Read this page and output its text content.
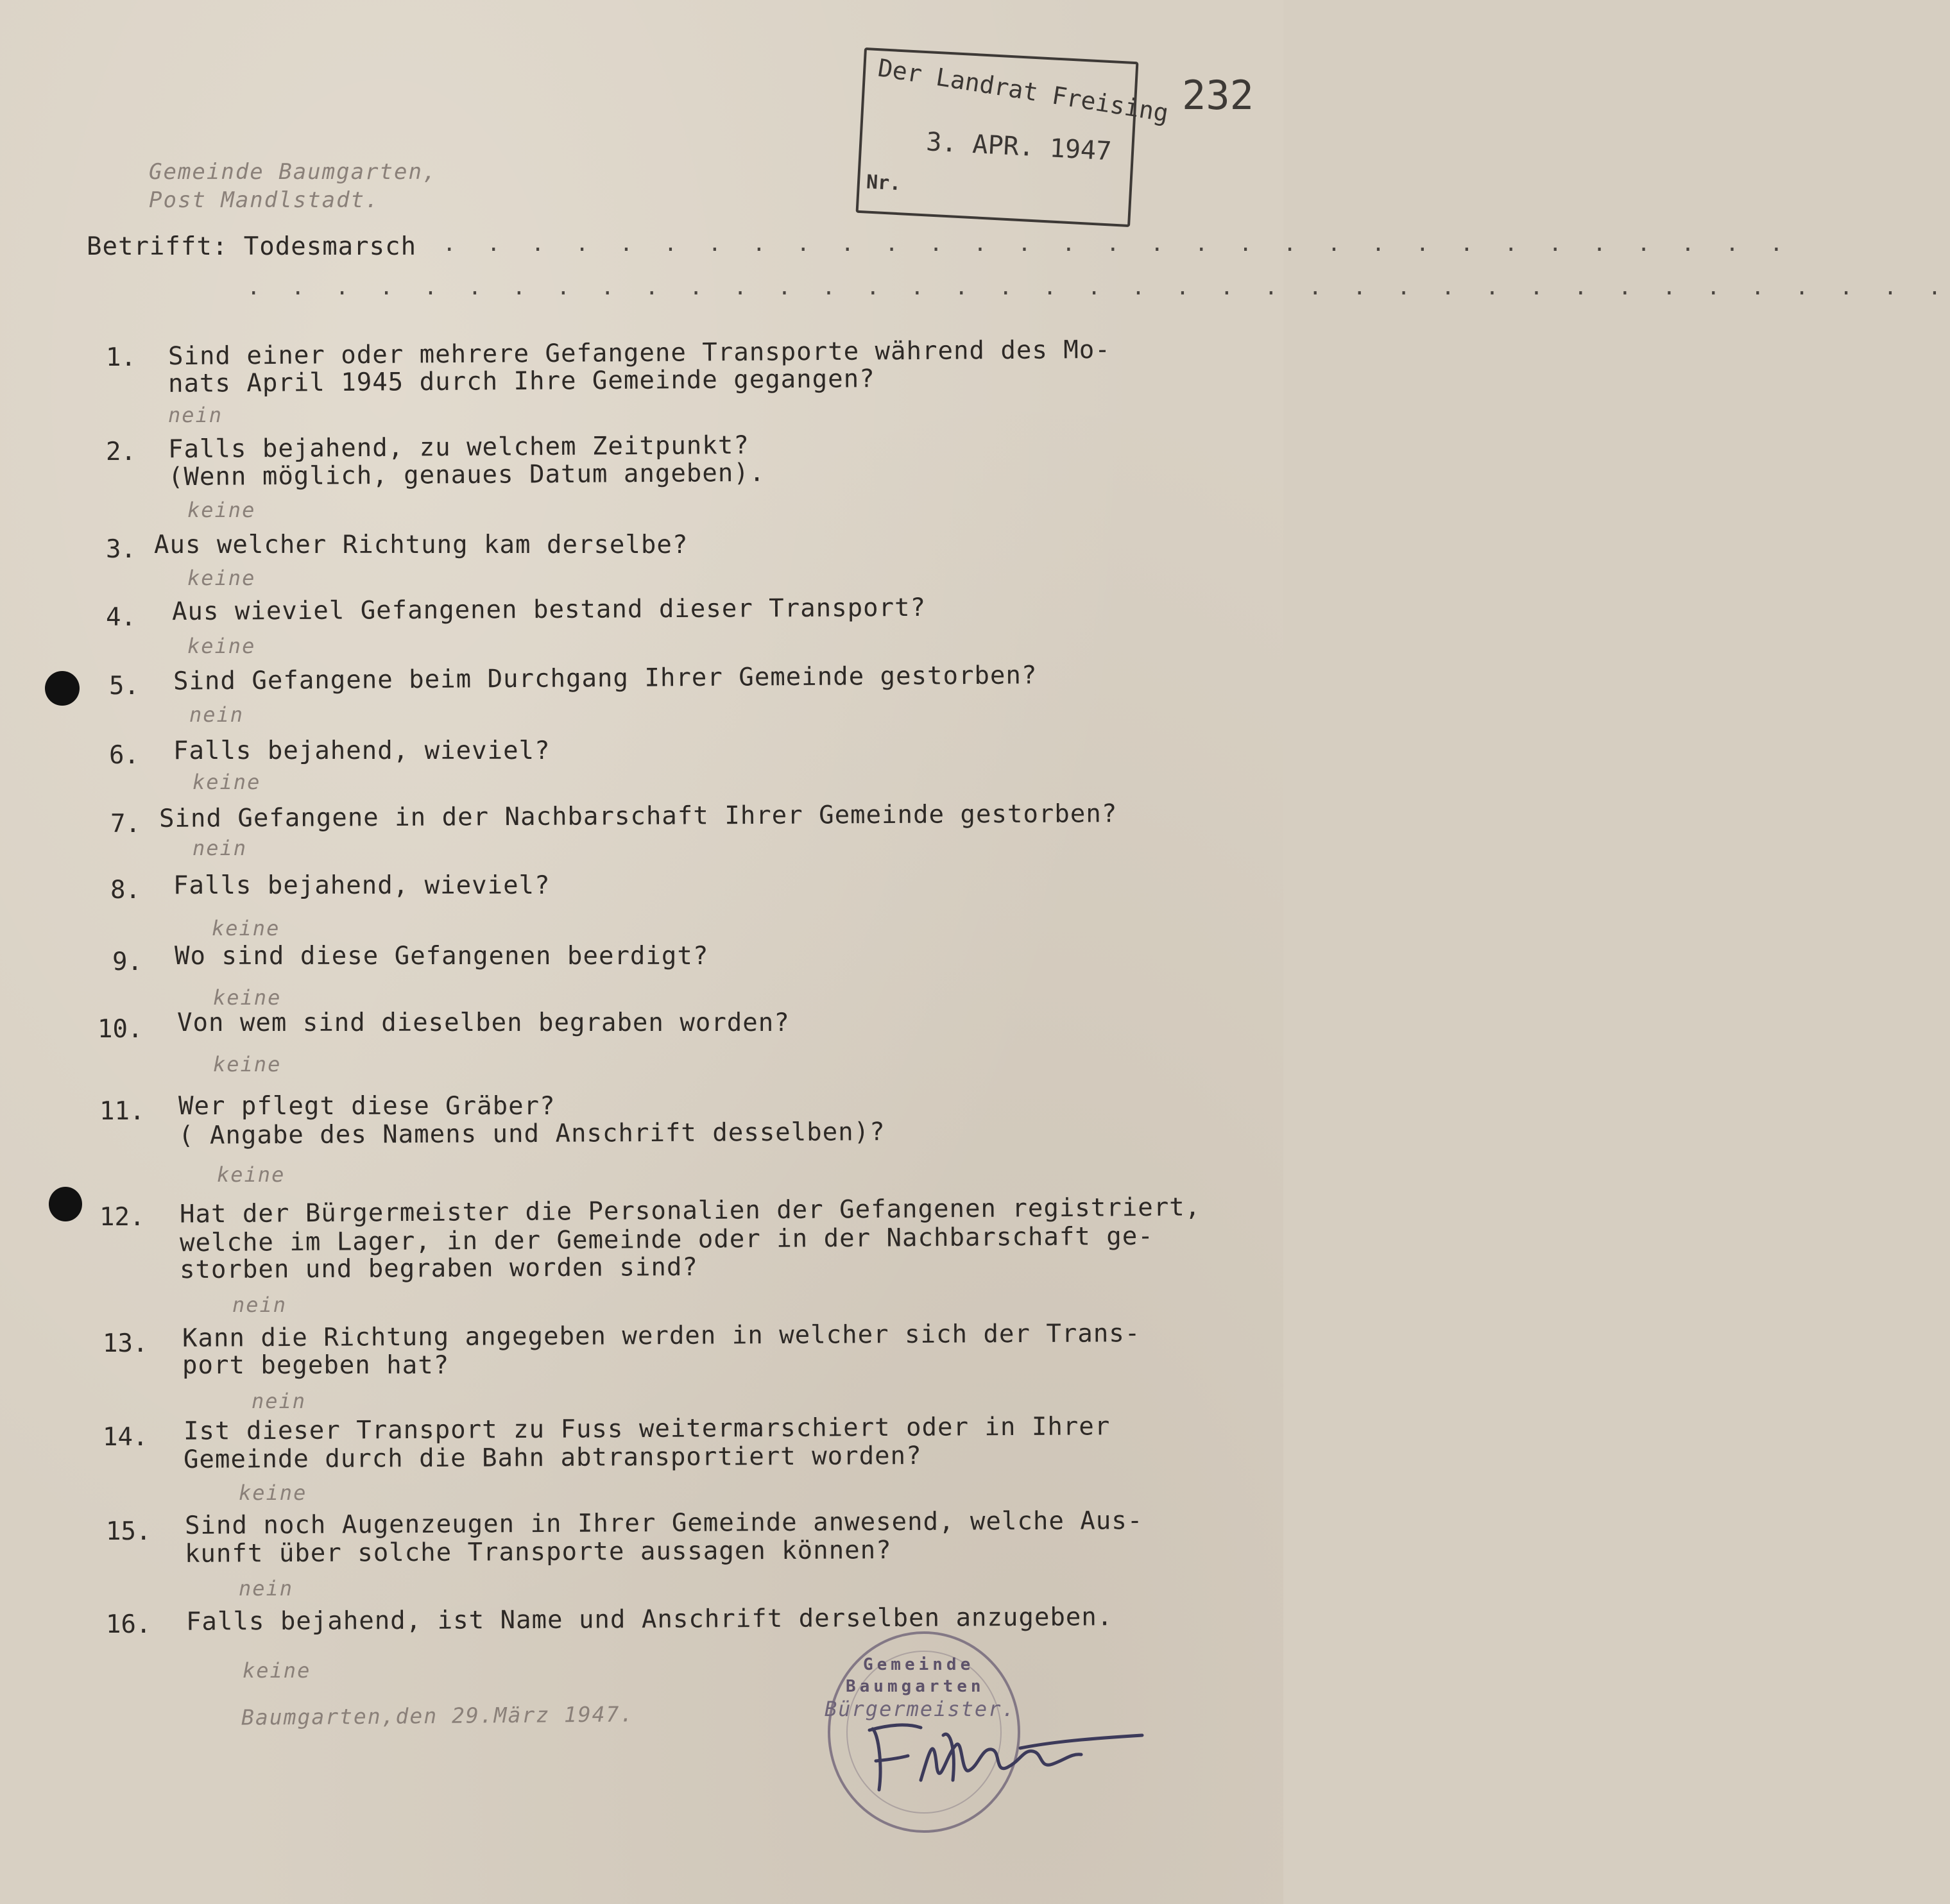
232
Der Landrat Freising
3. APR. 1947
Nr.
Gemeinde Baumgarten,
Post Mandlstadt.
Betrifft: Todesmarsch . . . . . . . . . . . . . . . . . . . . . . . . . . . . . . .
. . . . . . . . . . . . . . . . . . . . . . . . . . . . . . . . . . . . . . .
1. Sind einer oder mehrere Gefangene Transporte während des Mo-
nats April 1945 durch Ihre Gemeinde gegangen?
nein
2. Falls bejahend, zu welchem Zeitpunkt?
(Wenn möglich, genaues Datum angeben).
keine
3. Aus welcher Richtung kam derselbe?
keine
4. Aus wieviel Gefangenen bestand dieser Transport?
keine
5. Sind Gefangene beim Durchgang Ihrer Gemeinde gestorben?
nein
6. Falls bejahend, wieviel?
keine
7. Sind Gefangene in der Nachbarschaft Ihrer Gemeinde gestorben?
nein
8. Falls bejahend, wieviel?
keine
9. Wo sind diese Gefangenen beerdigt?
keine
10. Von wem sind dieselben begraben worden?
keine
11. Wer pflegt diese Gräber?
( Angabe des Namens und Anschrift desselben)?
keine
12. Hat der Bürgermeister die Personalien der Gefangenen registriert,
welche im Lager, in der Gemeinde oder in der Nachbarschaft ge-
storben und begraben worden sind?
nein
13. Kann die Richtung angegeben werden in welcher sich der Trans-
port begeben hat?
nein
14. Ist dieser Transport zu Fuss weitermarschiert oder in Ihrer
Gemeinde durch die Bahn abtransportiert worden?
keine
15. Sind noch Augenzeugen in Ihrer Gemeinde anwesend, welche Aus-
kunft über solche Transporte aussagen können?
nein
16. Falls bejahend, ist Name und Anschrift derselben anzugeben.
keine
Baumgarten,den 29.März 1947.
Gemeinde
Baumgarten
Bürgermeister.
